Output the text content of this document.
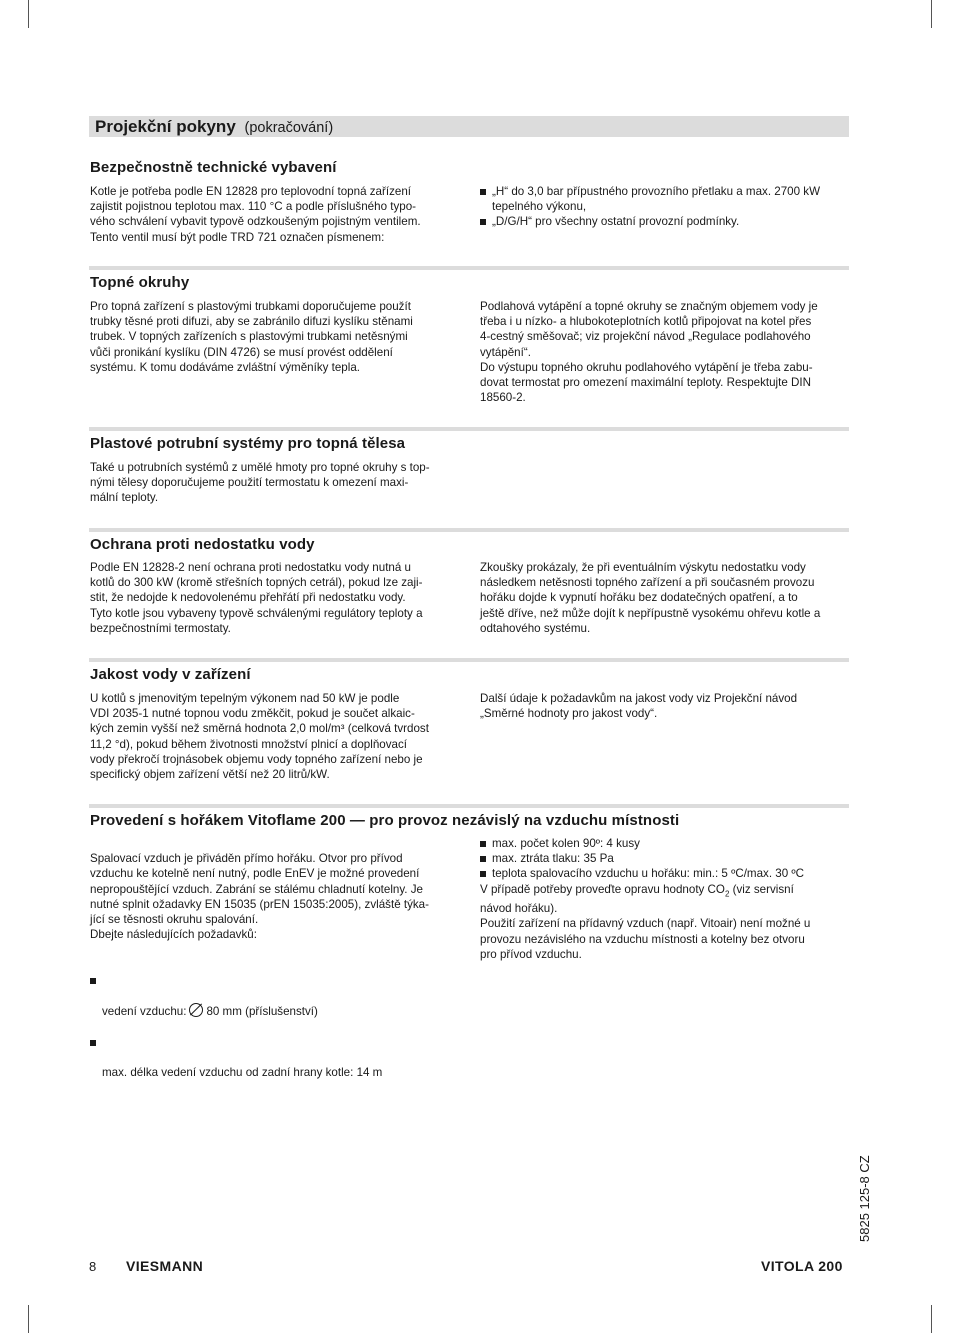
Projekční pokyny (pokračování)
Bezpečnostně technické vybavení
Kotle je potřeba podle EN 12828 pro teplovodní topná zařízení
zajistit pojistnou teplotou max. 110 °C a podle příslušného typo-
vého schválení vybavit typově odzkoušeným pojistným ventilem.
Tento ventil musí být podle TRD 721 označen písmenem:
„H“ do 3,0 bar přípustného provozního přetlaku a max. 2700 kW
tepelného výkonu,
„D/G/H“ pro všechny ostatní provozní podmínky.
Topné okruhy
Pro topná zařízení s plastovými trubkami doporučujeme použít
trubky těsné proti difuzi, aby se zabránilo difuzi kyslíku stěnami
trubek. V topných zařízeních s plastovými trubkami netěsnými
vůči pronikání kyslíku (DIN 4726) se musí provést oddělení
systému. K tomu dodáváme zvláštní výměníky tepla.
Podlahová vytápění a topné okruhy se značným objemem vody je
třeba i u nízko- a hlubokoteplotních kotlů připojovat na kotel přes
4-cestný směšovač; viz projekční návod „Regulace podlahového
vytápění“.
Do výstupu topného okruhu podlahového vytápění je třeba zabu-
dovat termostat pro omezení maximální teploty. Respektujte DIN
18560-2.
Plastové potrubní systémy pro topná tělesa
Také u potrubních systémů z umělé hmoty pro topné okruhy s top-
nými tělesy doporučujeme použití termostatu k omezení maxi-
mální teploty.
Ochrana proti nedostatku vody
Podle EN 12828-2 není ochrana proti nedostatku vody nutná u
kotlů do 300 kW (kromě střešních topných cetrál), pokud lze zaji-
stit, že nedojde k nedovolenému přehřátí při nedostatku vody.
Tyto kotle jsou vybaveny typově schválenými regulátory teploty a
bezpečnostními termostaty.
Zkoušky prokázaly, že při eventuálním výskytu nedostatku vody
následkem netěsnosti topného zařízení a při současném provozu
hořáku dojde k vypnutí hořáku bez dodatečných opatření, a to
ještě dříve, než může dojít k nepřípustně vysokému ohřevu kotle a
odtahového systému.
Jakost vody v zařízení
U kotlů s jmenovitým tepelným výkonem nad 50 kW je podle
VDI 2035-1 nutné topnou vodu změkčit, pokud je součet alkaic-
kých zemin vyšší než směrná hodnota 2,0 mol/m³ (celková tvrdost
11,2 °d), pokud během životnosti množství plnicí a doplňovací
vody překročí trojnásobek objemu vody topného zařízení nebo je
specifický objem zařízení větší než 20 litrů/kW.
Další údaje k požadavkům na jakost vody viz Projekční návod
„Směrné hodnoty pro jakost vody“.
Provedení s hořákem Vitoflame 200 — pro provoz nezávislý na vzduchu místnosti

Spalovací vzduch je přiváděn přímo hořáku. Otvor pro přívod
vzduchu ke kotelně není nutný, podle EnEV je možné provedení
nepropouštějící vzduch. Zabrání se stálému chladnutí kotelny. Je
nutné splnit ožadavky EN 15035 (prEN 15035:2005), zvláště týka-
jící se těsnosti okruhu spalování.
Dbejte následujících požadavků:

vedení vzduchu: 80 mm (příslušenství)

max. délka vedení vzduchu od zadní hrany kotle: 14 m

max. počet kolen 90º: 4 kusy
max. ztráta tlaku: 35 Pa
teplota spalovacího vzduchu u hořáku: min.: 5 ºC/max. 30 ºC
V případě potřeby proveďte opravu hodnoty $CO_2$ (viz servisní
návod hořáku).
Použití zařízení na přídavný vzduch (např. Vitoair) není možné u
provozu nezávislého na vzduchu místnosti a kotelny bez otvoru
pro přívod vzduchu.
8 VIESMANN	VITOLA 200
5825 125-8 CZ
